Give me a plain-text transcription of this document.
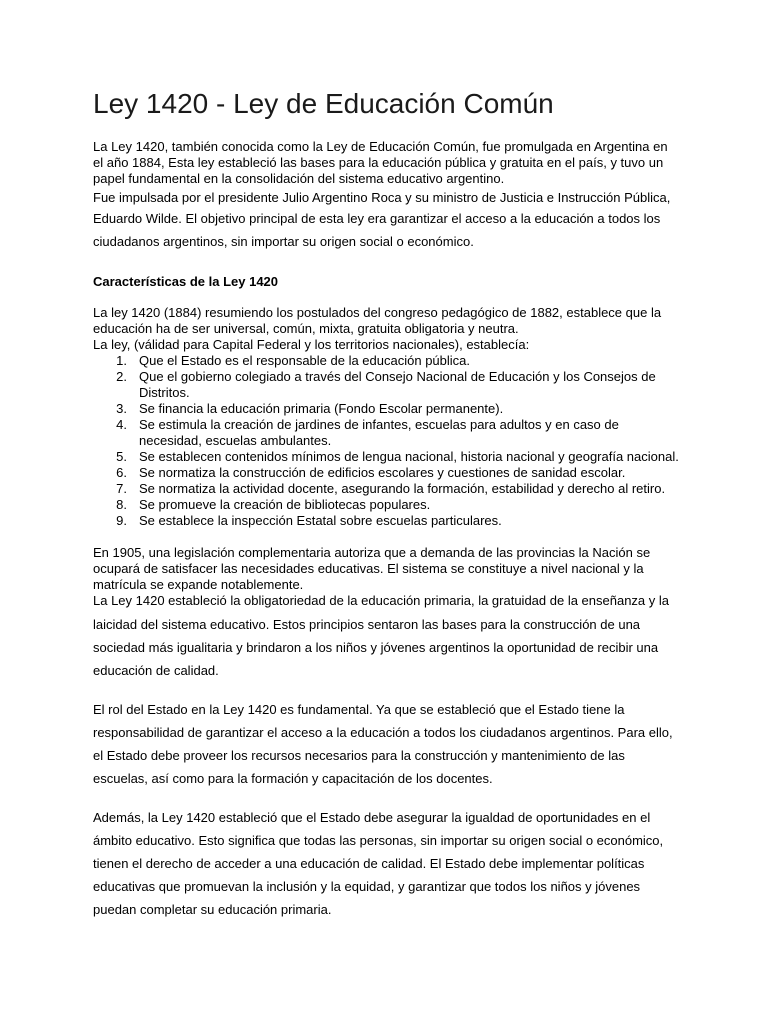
Ley 1420 - Ley de Educación Común
La Ley 1420, también conocida como la Ley de Educación Común, fue promulgada en Argentina en
el año 1884, Esta ley estableció las bases para la educación pública y gratuita en el país, y tuvo un
papel fundamental en la consolidación del sistema educativo argentino.
Fue impulsada por el presidente Julio Argentino Roca y su ministro de Justicia e Instrucción Pública,
Eduardo Wilde. El objetivo principal de esta ley era garantizar el acceso a la educación a todos los
ciudadanos argentinos, sin importar su origen social o económico.
Características de la Ley 1420
La ley 1420 (1884) resumiendo los postulados del congreso pedagógico de 1882, establece que la
educación ha de ser universal, común, mixta, gratuita obligatoria y neutra.
La ley, (válidad para Capital Federal y los territorios nacionales), establecía:
1. Que el Estado es el responsable de la educación pública.
2. Que el gobierno colegiado a través del Consejo Nacional de Educación y los Consejos de
Distritos.
3. Se financia la educación primaria (Fondo Escolar permanente).
4. Se estimula la creación de jardines de infantes, escuelas para adultos y en caso de
necesidad, escuelas ambulantes.
5. Se establecen contenidos mínimos de lengua nacional, historia nacional y geografía nacional.
6. Se normatiza la construcción de edificios escolares y cuestiones de sanidad escolar.
7. Se normatiza la actividad docente, asegurando la formación, estabilidad y derecho al retiro.
8. Se promueve la creación de bibliotecas populares.
9. Se establece la inspección Estatal sobre escuelas particulares.
En 1905, una legislación complementaria autoriza que a demanda de las provincias la Nación se
ocupará de satisfacer las necesidades educativas. El sistema se constituye a nivel nacional y la
matrícula se expande notablemente.
La Ley 1420 estableció la obligatoriedad de la educación primaria, la gratuidad de la enseñanza y la
laicidad del sistema educativo. Estos principios sentaron las bases para la construcción de una
sociedad más igualitaria y brindaron a los niños y jóvenes argentinos la oportunidad de recibir una
educación de calidad.
El rol del Estado en la Ley 1420 es fundamental. Ya que se estableció que el Estado tiene la
responsabilidad de garantizar el acceso a la educación a todos los ciudadanos argentinos. Para ello,
el Estado debe proveer los recursos necesarios para la construcción y mantenimiento de las
escuelas, así como para la formación y capacitación de los docentes.
Además, la Ley 1420 estableció que el Estado debe asegurar la igualdad de oportunidades en el
ámbito educativo. Esto significa que todas las personas, sin importar su origen social o económico,
tienen el derecho de acceder a una educación de calidad. El Estado debe implementar políticas
educativas que promuevan la inclusión y la equidad, y garantizar que todos los niños y jóvenes
puedan completar su educación primaria.
